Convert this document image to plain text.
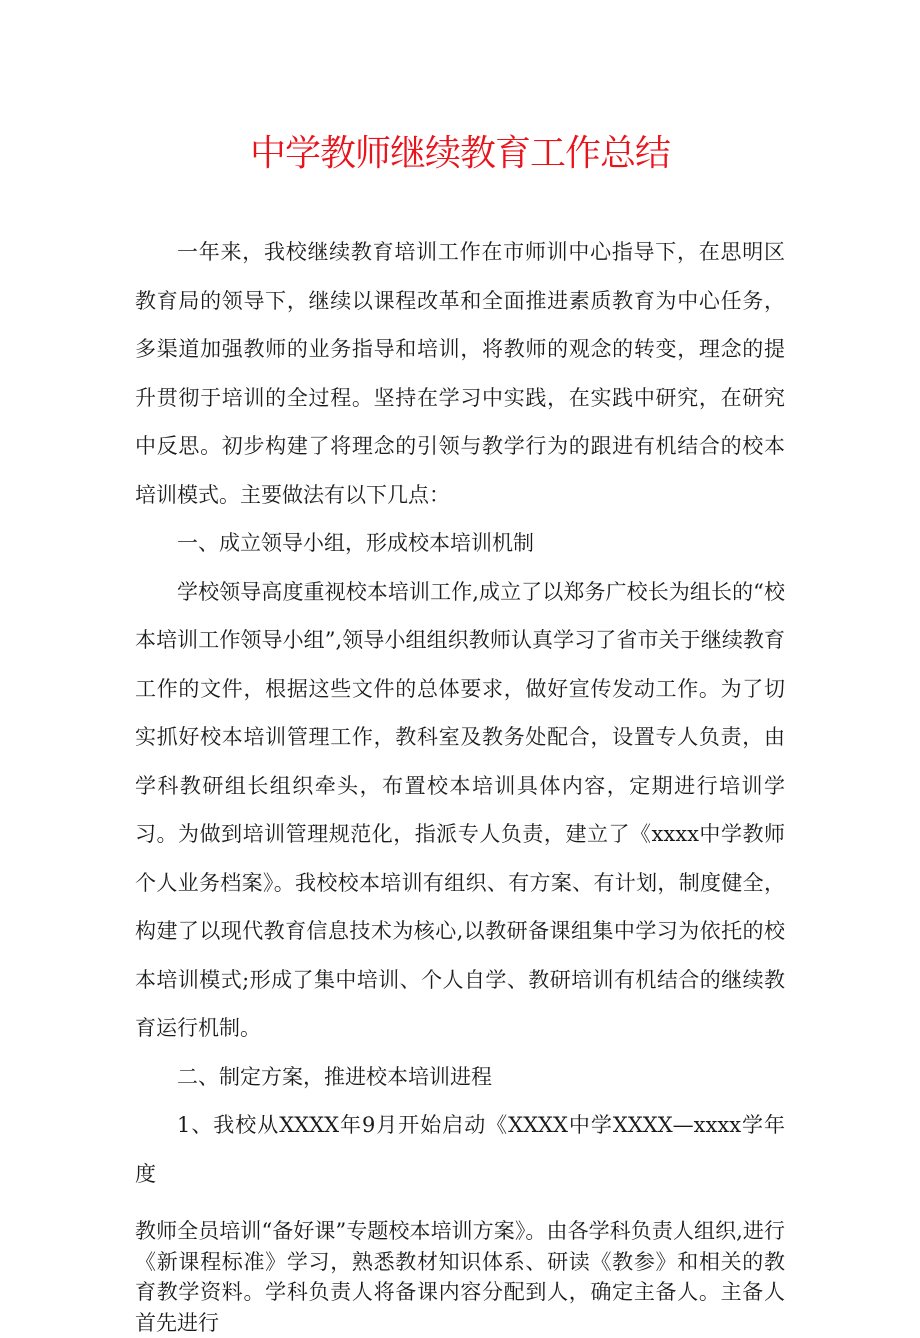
中学教师继续教育工作总结

一年来，我校继续教育培训工作在市师训中心指导下，在思明区教育局的领导下，继续以课程改革和全面推进素质教育为中心任务，多渠道加强教师的业务指导和培训，将教师的观念的转变，理念的提升贯彻于培训的全过程。坚持在学习中实践，在实践中研究，在研究中反思。初步构建了将理念的引领与教学行为的跟进有机结合的校本培训模式。主要做法有以下几点：

一、成立领导小组，形成校本培训机制

学校领导高度重视校本培训工作,成立了以郑务广校长为组长的“校本培训工作领导小组”,领导小组组织教师认真学习了省市关于继续教育工作的文件，根据这些文件的总体要求，做好宣传发动工作。为了切实抓好校本培训管理工作，教科室及教务处配合，设置专人负责，由学科教研组长组织牵头，布置校本培训具体内容，定期进行培训学习。为做到培训管理规范化，指派专人负责，建立了《xxxx中学教师个人业务档案》。我校校本培训有组织、有方案、有计划，制度健全，构建了以现代教育信息技术为核心,以教研备课组集中学习为依托的校本培训模式;形成了集中培训、个人自学、教研培训有机结合的继续教育运行机制。

二、制定方案，推进校本培训进程

1、我校从XXXX年9月开始启动《XXXX中学XXXX—xxxx学年度

教师全员培训“备好课”专题校本培训方案》。由各学科负责人组织,进行《新课程标准》学习，熟悉教材知识体系、研读《教参》和相关的教育教学资料。学科负责人将备课内容分配到人，确定主备人。主备人首先进行
